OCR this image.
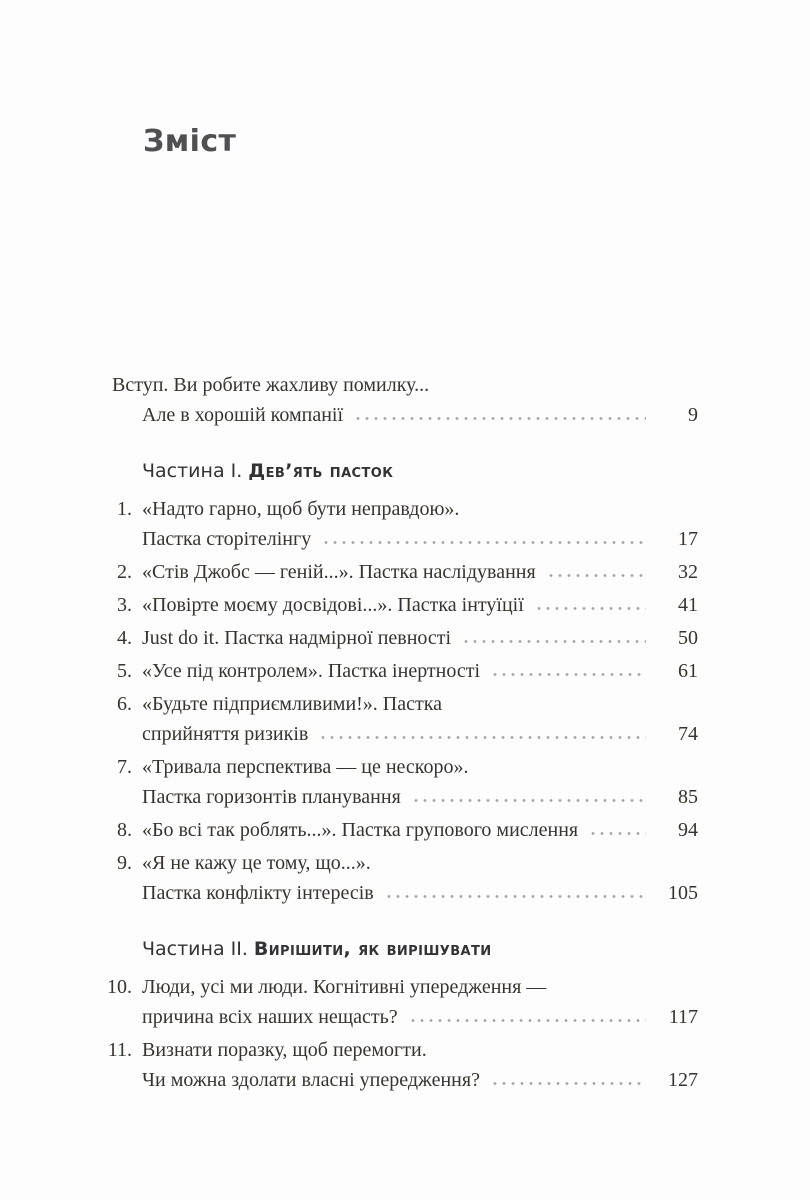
Зміст
Вступ. Ви робите жахливу помилку...
Але в хорошій компанії	9
Частина І. Дев’ять пасток
1. «Надто гарно, щоб бути неправдою».
Пастка сторітелінгу	17
2. «Стів Джобс — геній...». Пастка наслідування	32
3. «Повірте моєму досвідові...». Пастка інтуїції	41
4. Just do it. Пастка надмірної певності	50
5. «Усе під контролем». Пастка інертності	61
6. «Будьте підприємливими!». Пастка
сприйняття ризиків	74
7. «Тривала перспектива — це нескоро».
Пастка горизонтів планування	85
8. «Бо всі так роблять...». Пастка групового мислення	94
9. «Я не кажу це тому, що...».
Пастка конфлікту інтересів	105
Частина ІІ. Вирішити, як вирішувати
10. Люди, усі ми люди. Когнітивні упередження —
причина всіх наших нещасть?	117
11. Визнати поразку, щоб перемогти.
Чи можна здолати власні упередження?	127
